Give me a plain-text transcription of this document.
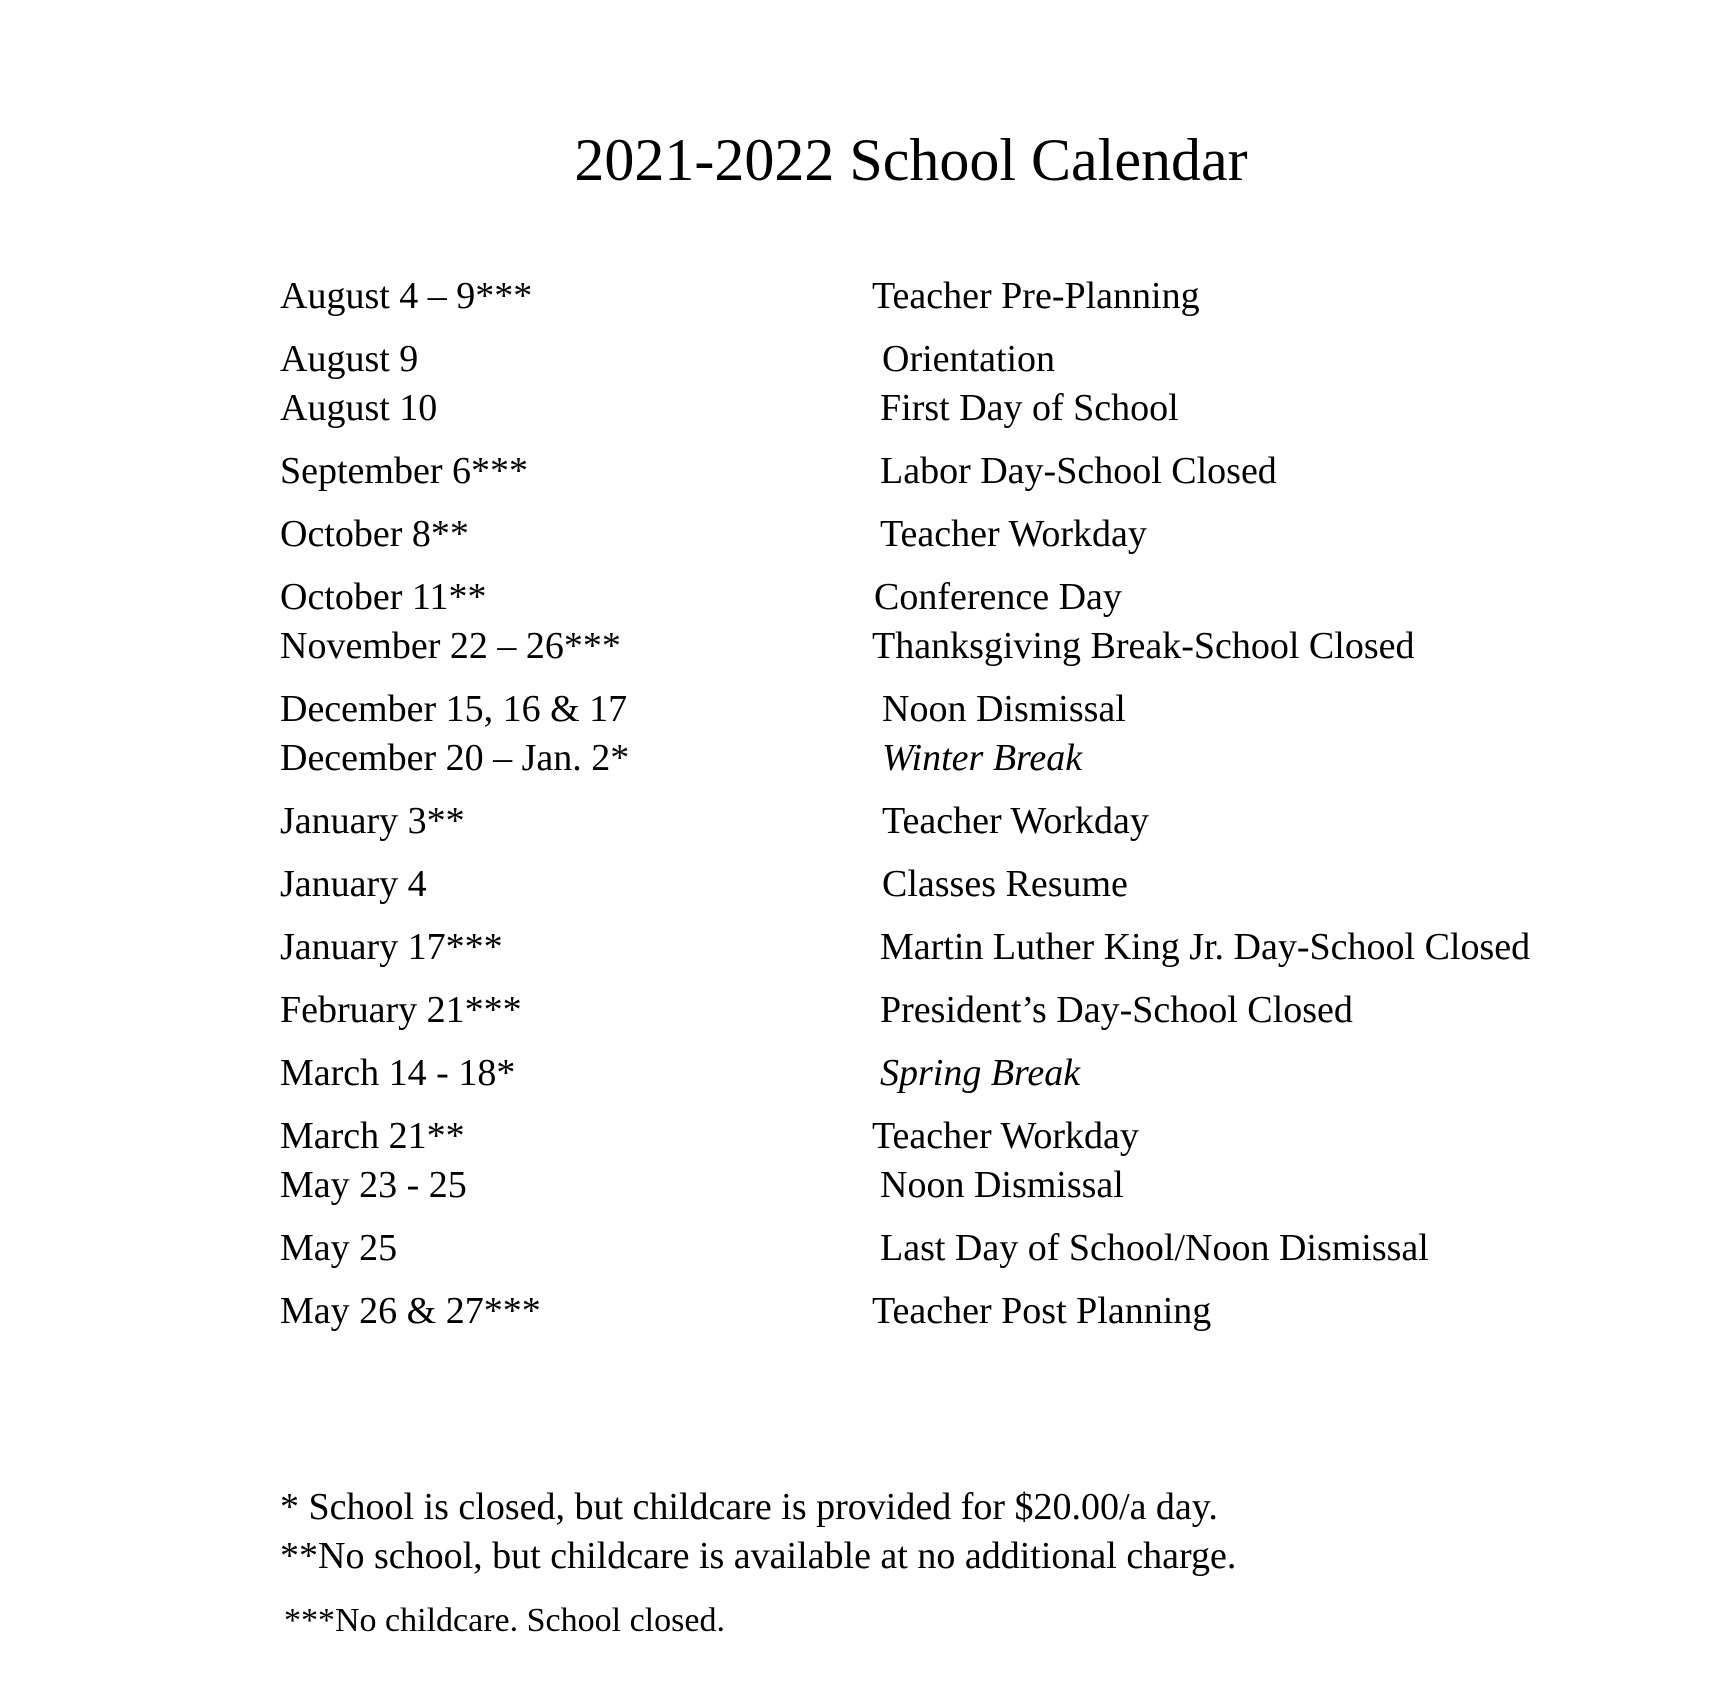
2021-2022 School Calendar
August 4 – 9***	Teacher Pre-Planning
August 9	Orientation
August 10	First Day of School
September 6***	Labor Day-School Closed
October 8**	Teacher Workday
October 11**	Conference Day
November 22 – 26***	Thanksgiving Break-School Closed
December 15, 16 & 17	Noon Dismissal
December 20 – Jan. 2*	Winter Break
January 3**	Teacher Workday
January 4	Classes Resume
January 17***	Martin Luther King Jr. Day-School Closed
February 21***	President’s Day-School Closed
March 14 - 18*	Spring Break
March 21**	Teacher Workday
May 23 - 25	Noon Dismissal
May 25	Last Day of School/Noon Dismissal
May 26 & 27***	Teacher Post Planning
* School is closed, but childcare is provided for $20.00/a day.
**No school, but childcare is available at no additional charge.
***No childcare. School closed.
